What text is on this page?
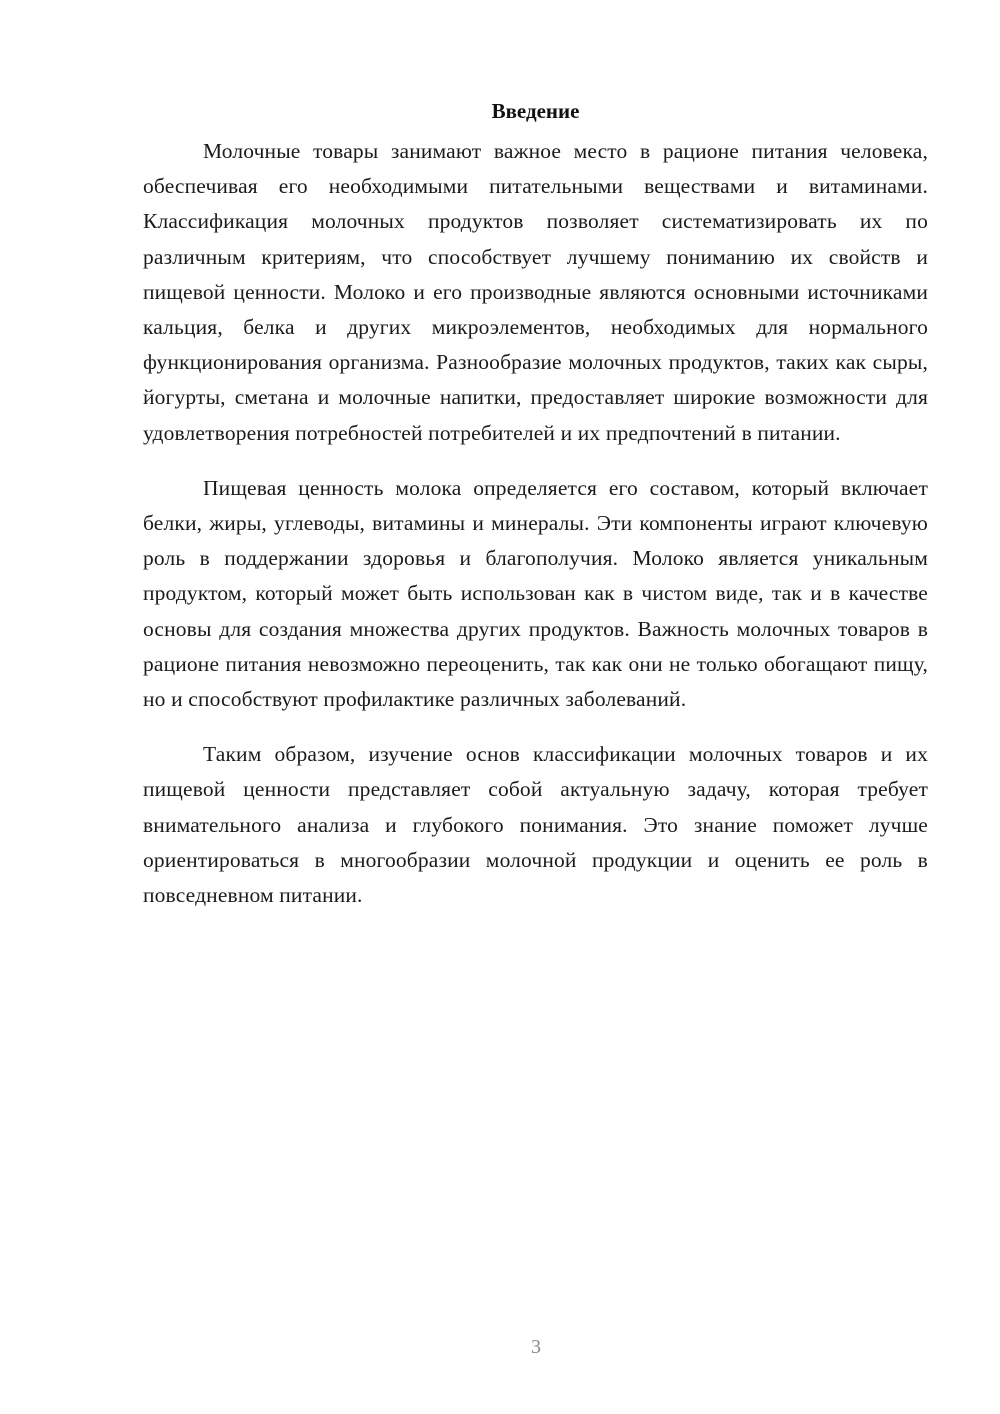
Введение

Молочные товары занимают важное место в рационе питания человека, обеспечивая его необходимыми питательными веществами и витаминами. Классификация молочных продуктов позволяет систематизировать их по различным критериям, что способствует лучшему пониманию их свойств и пищевой ценности. Молоко и его производные являются основными источниками кальция, белка и других микроэлементов, необходимых для нормального функционирования организма. Разнообразие молочных продуктов, таких как сыры, йогурты, сметана и молочные напитки, предоставляет широкие возможности для удовлетворения потребностей потребителей и их предпочтений в питании.

Пищевая ценность молока определяется его составом, который включает белки, жиры, углеводы, витамины и минералы. Эти компоненты играют ключевую роль в поддержании здоровья и благополучия. Молоко является уникальным продуктом, который может быть использован как в чистом виде, так и в качестве основы для создания множества других продуктов. Важность молочных товаров в рационе питания невозможно переоценить, так как они не только обогащают пищу, но и способствуют профилактике различных заболеваний.

Таким образом, изучение основ классификации молочных товаров и их пищевой ценности представляет собой актуальную задачу, которая требует внимательного анализа и глубокого понимания. Это знание поможет лучше ориентироваться в многообразии молочной продукции и оценить ее роль в повседневном питании.

3
